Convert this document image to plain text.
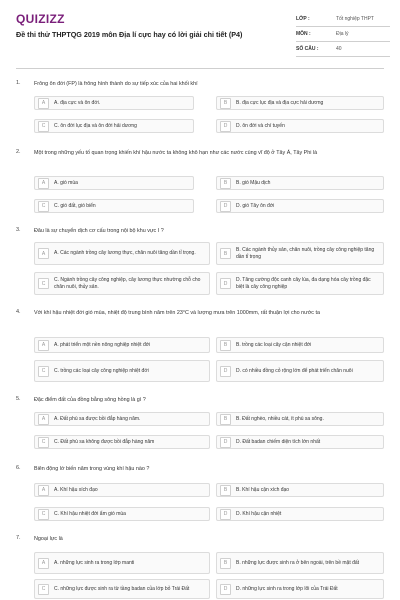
QUIZIZZ
Đề thi thử THPTQG 2019 môn Địa lí cực hay có lời giải chi tiết (P4)
LỚP :	Tốt nghiệp THPT
MÔN :	Địa lý
SỐ CÂU :	40
1. Frông ôn đới (FP) là frông hình thành do sự tiếp xúc của hai khối khí
A	A. địa cực và ôn đới.	B	B. địa cực lục địa và địa cực hải dương
C	C. ôn đới lục địa và ôn đới hải dương	D	D. ôn đới và chí tuyến
2. Một trong những yếu tố quan trọng khiến khí hậu nước ta không khô hạn như các nước cùng vĩ độ ở Tây Á, Tây Phi là
A	A. gió mùa	B	B. gió Mậu dịch
C	C. gió đất, gió biển	D	D. gió Tây ôn đới
3. Đâu là sự chuyển dịch cơ cấu trong nội bộ khu vực I ?
A	A. Các ngành trồng cây lương thực, chăn nuôi tăng dần tỉ trọng.	B
B. Các ngành thủy sản, chăn nuôi, trồng cây công nghiệp tăng dần tỉ trọng
C
C. Ngành trồng cây công nghiệp, cây lương thực nhường chỗ cho chăn nuôi, thủy sản.	D
D. Tăng cường độc canh cây lúa, đa dạng hóa cây trồng đặc biệt là cây công nghiệp
4. Với khí hậu nhiệt đới gió mùa, nhiệt độ trung bình năm trên 23°C và lượng mưa trên 1000mm, rất thuận lợi cho nước ta
A	A. phát triển một nền nông nghiệp nhiệt đới	B	B. trồng các loại cây cận nhiệt đới
C	C. trồng các loại cây công nghiệp nhiệt đới	D	D. có nhiều đồng cỏ rộng lớn để phát triển chăn nuôi
5. Đặc điểm đất của đồng bằng sông hồng là gì ?
A	A. Đất phù sa được bồi đắp hàng năm.	B	B. Đất nghèo, nhiều cát, ít phù sa sông.
C	C. Đất phù sa không được bồi đắp hàng năm	D	D. Đất badan chiếm diện tích lớn nhất
6. Biên động lớ biến năm trong vùng khí hậu nào ?
A	A. Khí hậu xích đạo	B	B. Khí hậu cận xích đạo
C	C. Khí hậu nhiệt đới ẩm gió mùa	D	D. Khí hậu cận nhiệt
7. Ngoại lực là
A	A. những lực sinh ra trong lớp manti	B	B. những lực được sinh ra ở bên ngoài, trên bề mặt đất
C	C. những lực được sinh ra từ tầng badan của lớp bỏ Trái Đất	D	D. những lực sinh ra trong lớp lõi của Trái Đất
